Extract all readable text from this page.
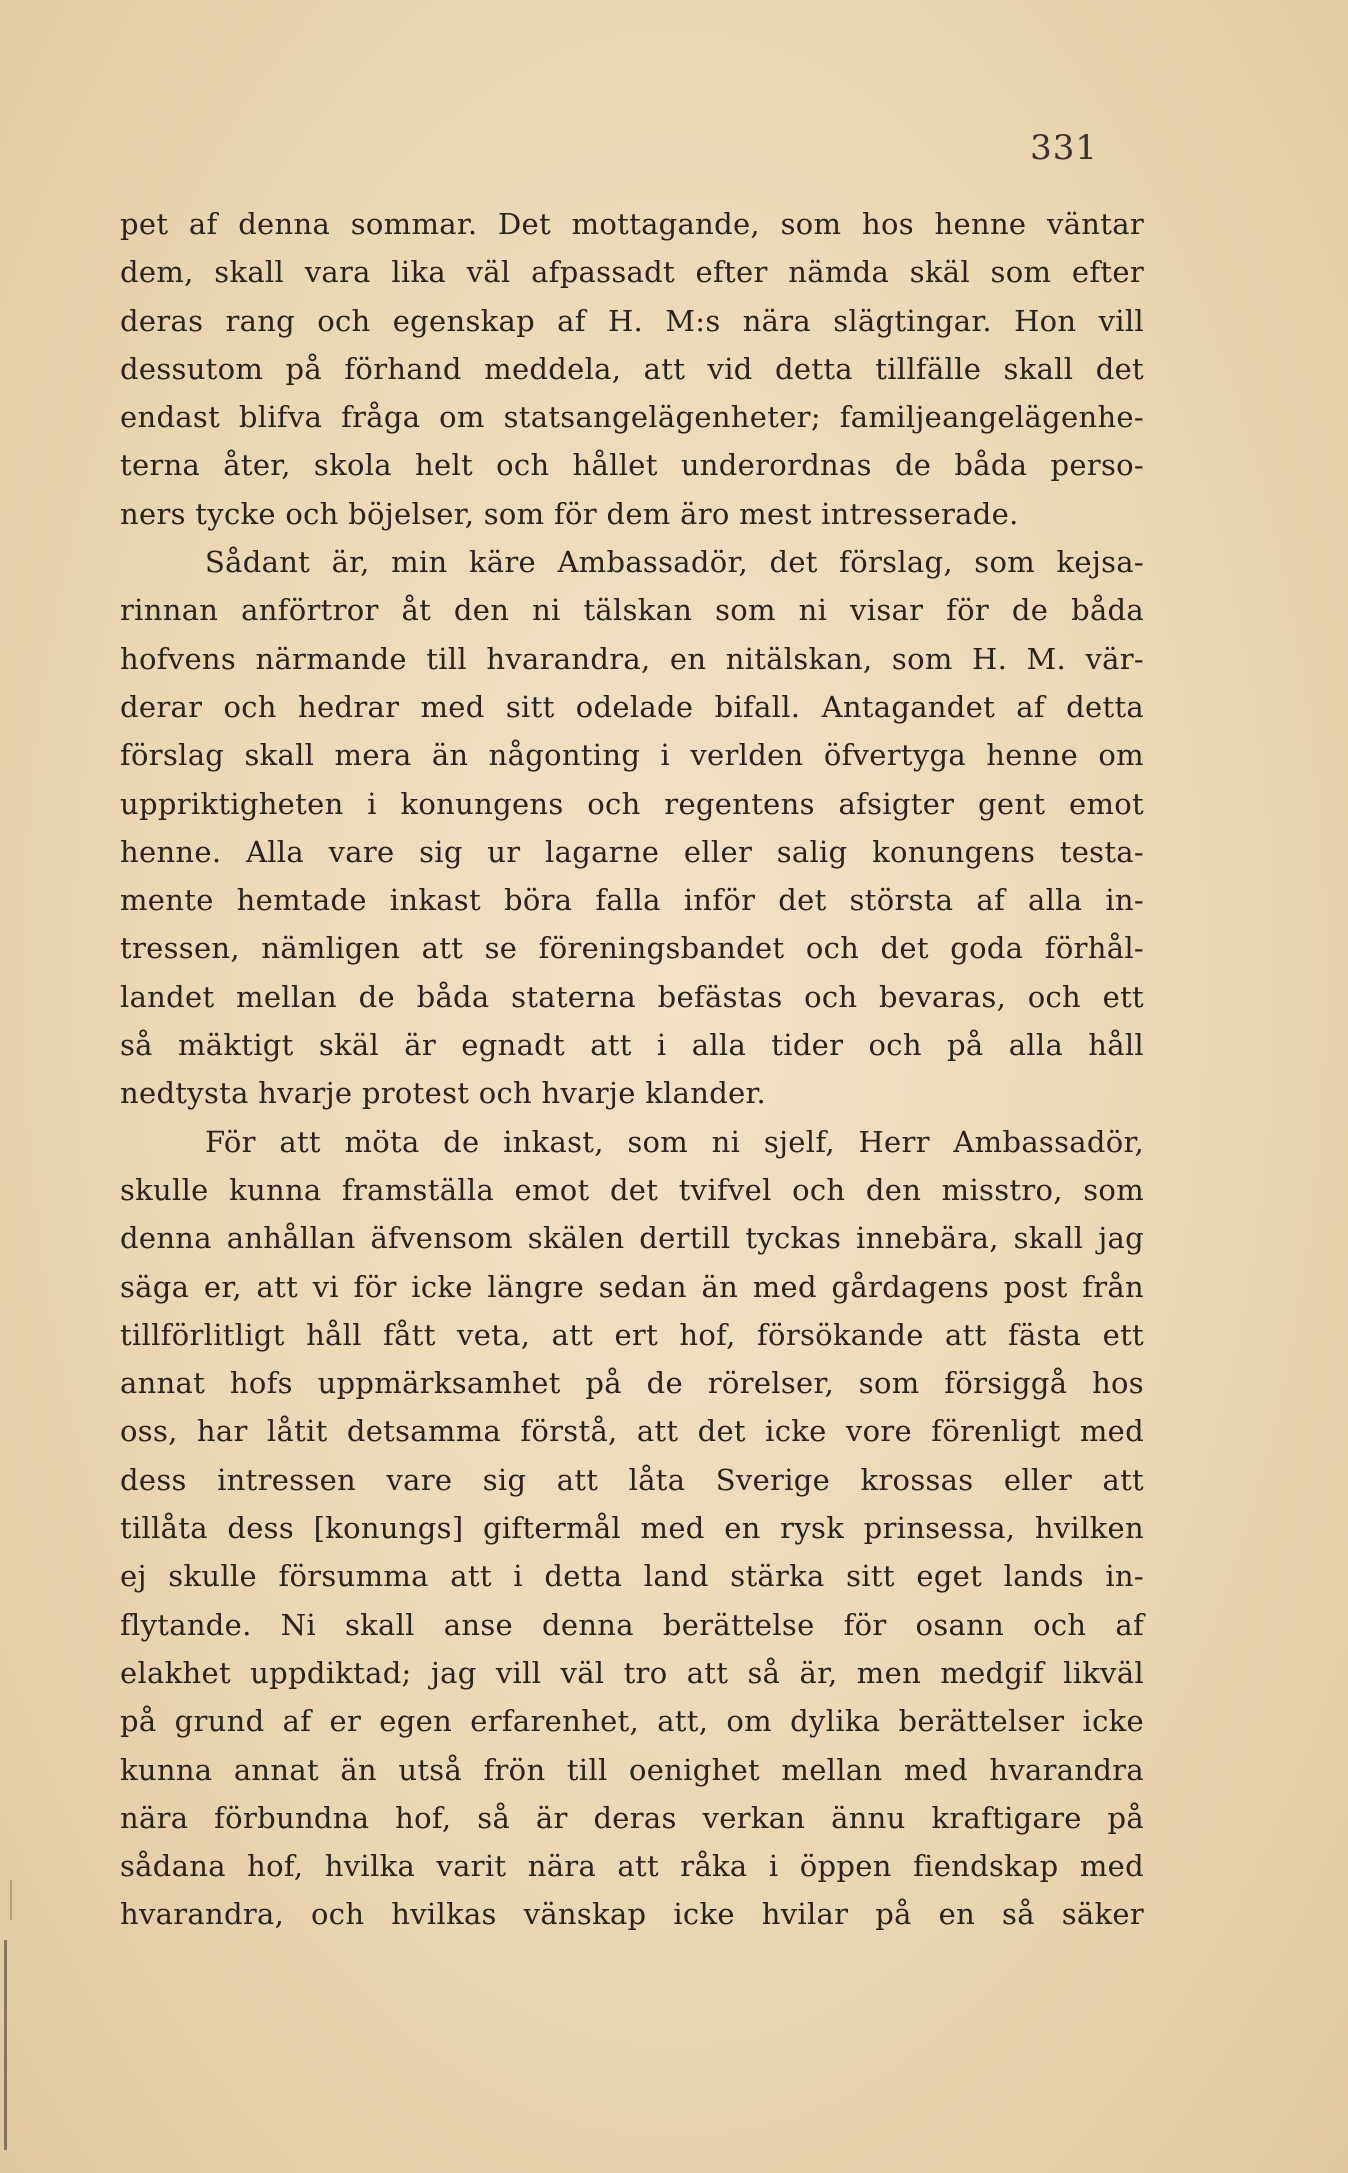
331
pet af denna sommar. Det mottagande, som hos henne väntar
dem, skall vara lika väl afpassadt efter nämda skäl som efter
deras rang och egenskap af H. M:s nära slägtingar. Hon vill
dessutom på förhand meddela, att vid detta tillfälle skall det
endast blifva fråga om statsangelägenheter; familjeangelägenhe-
terna åter, skola helt och hållet underordnas de båda perso-
ners tycke och böjelser, som för dem äro mest intresserade.
Sådant är, min käre Ambassadör, det förslag, som kejsa-
rinnan anförtror åt den ni tälskan som ni visar för de båda
hofvens närmande till hvarandra, en nitälskan, som H. M. vär-
derar och hedrar med sitt odelade bifall. Antagandet af detta
förslag skall mera än någonting i verlden öfvertyga henne om
uppriktigheten i konungens och regentens afsigter gent emot
henne. Alla vare sig ur lagarne eller salig konungens testa-
mente hemtade inkast böra falla inför det största af alla in-
tressen, nämligen att se föreningsbandet och det goda förhål-
landet mellan de båda staterna befästas och bevaras, och ett
så mäktigt skäl är egnadt att i alla tider och på alla håll
nedtysta hvarje protest och hvarje klander.
För att möta de inkast, som ni sjelf, Herr Ambassadör,
skulle kunna framställa emot det tvifvel och den misstro, som
denna anhållan äfvensom skälen dertill tyckas innebära, skall jag
säga er, att vi för icke längre sedan än med gårdagens post från
tillförlitligt håll fått veta, att ert hof, försökande att fästa ett
annat hofs uppmärksamhet på de rörelser, som försiggå hos
oss, har låtit detsamma förstå, att det icke vore förenligt med
dess intressen vare sig att låta Sverige krossas eller att
tillåta dess [konungs] giftermål med en rysk prinsessa, hvilken
ej skulle försumma att i detta land stärka sitt eget lands in-
flytande. Ni skall anse denna berättelse för osann och af
elakhet uppdiktad; jag vill väl tro att så är, men medgif likväl
på grund af er egen erfarenhet, att, om dylika berättelser icke
kunna annat än utså frön till oenighet mellan med hvarandra
nära förbundna hof, så är deras verkan ännu kraftigare på
sådana hof, hvilka varit nära att råka i öppen fiendskap med
hvarandra, och hvilkas vänskap icke hvilar på en så säker
